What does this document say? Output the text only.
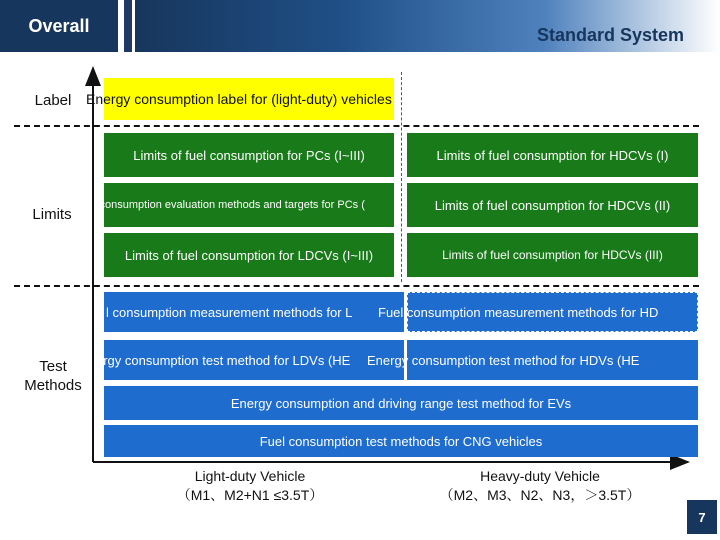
Overall	Standard System
Label
Limits
Test
Methods
Energy consumption label for (light-duty) vehicles
Limits of fuel consumption for PCs (I~III)
l consumption evaluation methods and targets for PCs (
Limits of fuel consumption for LDCVs (I~III)
Limits of fuel consumption for HDCVs (I)
Limits of fuel consumption for HDCVs (II)
Limits of fuel consumption for HDCVs (III)
l consumption measurement methods for L Fuel consumption measurement methods for HD
ergy consumption test method for LDVs (HE Energy consumption test method for HDVs (HE
Energy consumption and driving range test method for EVs
Fuel consumption test methods for CNG vehicles
Light-duty Vehicle
（M1、M2+N1 ≤3.5T）
Heavy-duty Vehicle
（M2、M3、N2、N3，＞3.5T）
7
